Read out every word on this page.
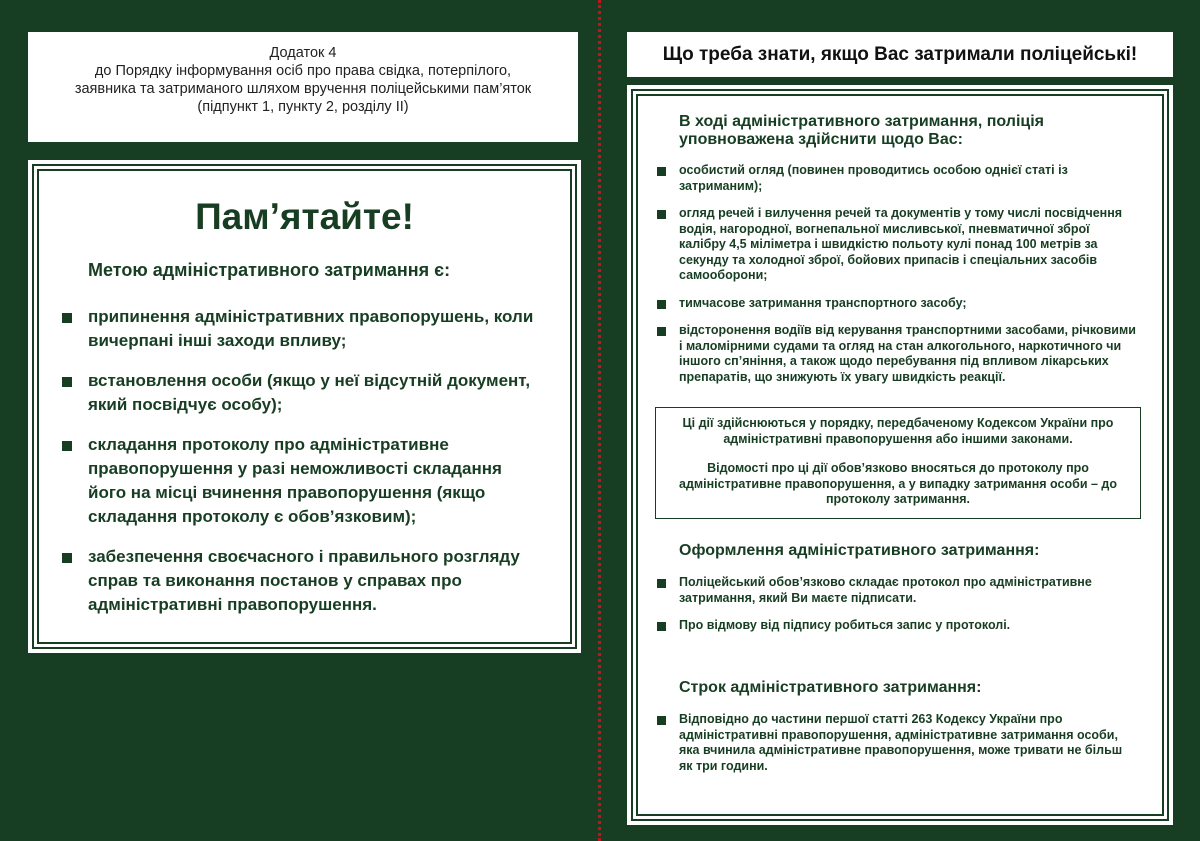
Додаток 4
до Порядку інформування осіб про права свідка, потерпілого,
заявника та затриманого шляхом вручення поліцейськими пам’яток
(підпункт 1, пункту 2, розділу ІІ)
Пам’ятайте!
Метою адміністративного затримання є:
припинення адміністративних правопорушень, коли вичерпані інші заходи впливу;
встановлення особи (якщо у неї відсутній документ, який посвідчує особу);
складання протоколу про адміністративне правопорушення у разі неможливості складання його на місці вчинення правопорушення (якщо складання протоколу є обов’язковим);
забезпечення своєчасного і правильного розгляду справ та виконання постанов у справах про адміністративні правопорушення.
Що треба знати, якщо Вас затримали поліцейські!
В ході адміністративного затримання, поліція уповноважена здійснити щодо Вас:
особистий огляд (повинен проводитись особою однієї статі із затриманим);
огляд речей і вилучення речей та документів у тому числі посвідчення водія, нагородної, вогнепальної мисливської, пневматичної зброї калібру 4,5 міліметра і швидкістю польоту кулі понад 100 метрів за секунду та холодної зброї, бойових припасів і спеціальних засобів самооборони;
тимчасове затримання транспортного засобу;
відсторонення водіїв від керування транспортними засобами, річковими і маломірними судами та огляд на стан алкогольного, наркотичного чи іншого сп’яніння, а також щодо перебування під впливом лікарських препаратів, що знижують їх увагу швидкість реакції.

Ці дії здійснюються у порядку, передбаченому Кодексом України про адміністративні правопорушення або іншими законами.

Відомості про ці дії обов’язково вносяться до протоколу про адміністративне правопорушення, а у випадку затримання особи – до протоколу затримання.

Оформлення адміністративного затримання:
Поліцейський обов’язково складає протокол про адміністративне затримання, який Ви маєте підписати.
Про відмову від підпису робиться запис у протоколі.
Строк адміністративного затримання:
Відповідно до частини першої статті 263 Кодексу України про адміністративні правопорушення, адміністративне затримання особи, яка вчинила адміністративне правопорушення, може тривати не більш як три години.
